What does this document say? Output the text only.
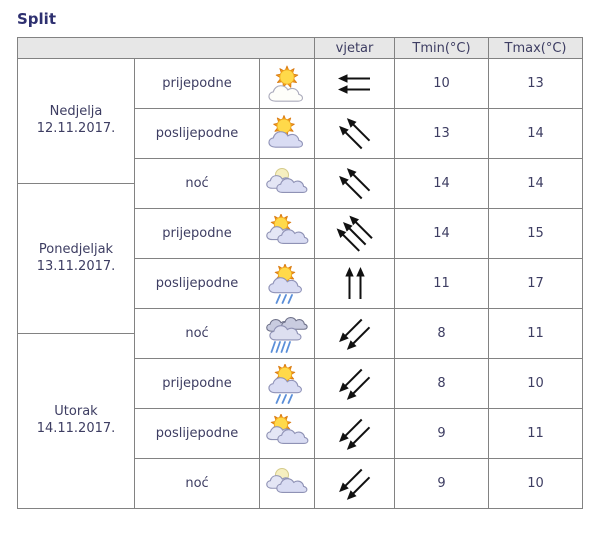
Split
			vjetar	Tmin(°C)	Tmax(°C)

Nedjelja
12.11.2017.	prijepodne			10	13

	poslijepodne			13	14

	noć			14	14

Ponedjeljak
13.11.2017.					

	prijepodne			14	15

	poslijepodne			11	17

	noć			8	11

Utorak
14.11.2017.					

	prijepodne			8	10

	poslijepodne			9	11

	noć			9	10
